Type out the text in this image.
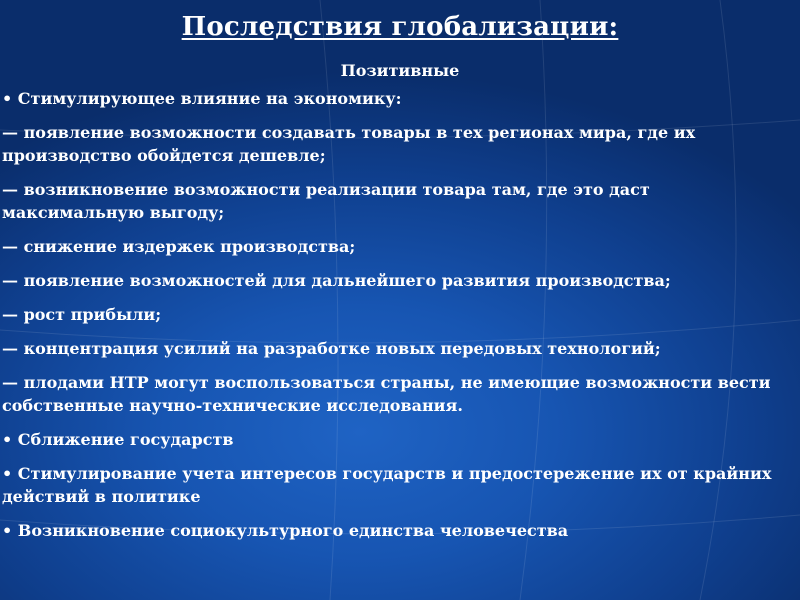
Последствия глобализации:
Позитивные
• Стимулирующее влияние на экономику:
— появление возможности создавать товары в тех регионах мира, где их производство обойдется дешевле;
— возникновение возможности реализации товара там, где это даст максимальную выгоду;
— снижение издержек производства;
— появление возможностей для дальнейшего развития производства;
— рост прибыли;
— концентрация усилий на разработке новых передовых технологий;
— плодами НТР могут воспользоваться страны, не имеющие возможности вести собственные научно-технические исследования.
• Сближение государств
• Стимулирование учета интересов государств и предостережение их от крайних действий в политике
• Возникновение социокультурного единства человечества
